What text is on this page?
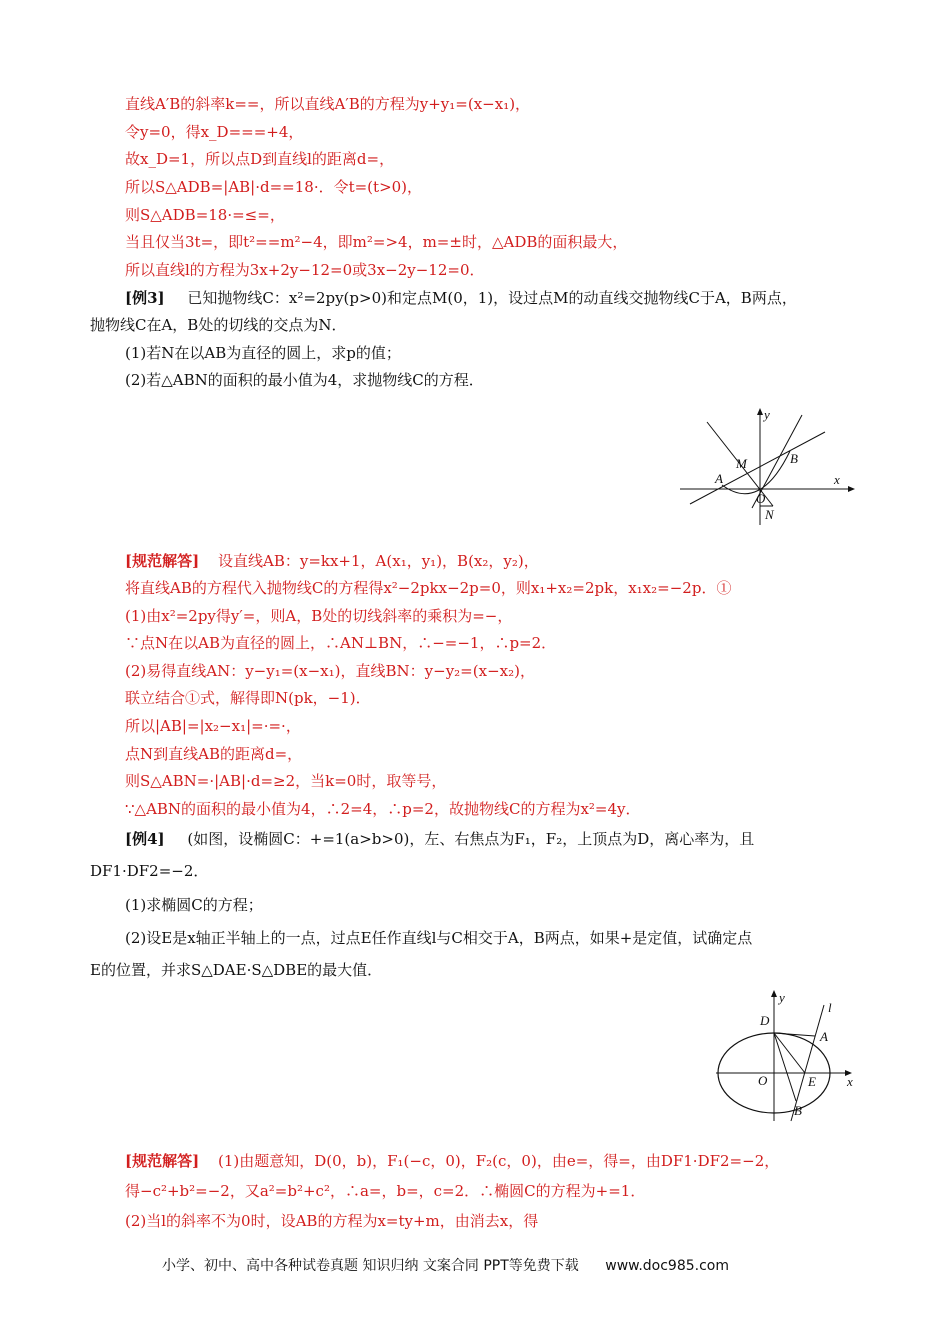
直线A′B的斜率k==，所以直线A′B的方程为y+y₁=(x−x₁)，
令y=0，得x_D===+4，
故x_D=1，所以点D到直线l的距离d=，
所以S△ADB=|AB|·d==18·．令t=(t>0)，
则S△ADB=18·=≤=，
当且仅当3t=，即t²==m²−4，即m²=>4，m=±时，△ADB的面积最大，
所以直线l的方程为3x+2y−12=0或3x−2y−12=0．
[例3] 已知抛物线C：x²=2py(p>0)和定点M(0，1)，设过点M的动直线交抛物线C于A，B两点，
抛物线C在A，B处的切线的交点为N．
(1)若N在以AB为直径的圆上，求p的值；
(2)若△ABN的面积的最小值为4，求抛物线C的方程．
y
x
M	B
A
O
N
[规范解答] 设直线AB：y=kx+1，A(x₁，y₁)，B(x₂，y₂)，
将直线AB的方程代入抛物线C的方程得x²−2pkx−2p=0，则x₁+x₂=2pk，x₁x₂=−2p．①
(1)由x²=2py得y′=，则A，B处的切线斜率的乘积为=−，
∵点N在以AB为直径的圆上，∴AN⊥BN，∴−=−1，∴p=2．
(2)易得直线AN：y−y₁=(x−x₁)，直线BN：y−y₂=(x−x₂)，
联立结合①式，解得即N(pk，−1)．
所以|AB|=|x₂−x₁|=·=·，
点N到直线AB的距离d=，
则S△ABN=·|AB|·d=≥2，当k=0时，取等号，
∵△ABN的面积的最小值为4，∴2=4，∴p=2，故抛物线C的方程为x²=4y．
[例4] (如图，设椭圆C：+=1(a>b>0)，左、右焦点为F₁，F₂，上顶点为D，离心率为，且
DF1·DF2=−2．
(1)求椭圆C的方程；
(2)设E是x轴正半轴上的一点，过点E任作直线l与C相交于A，B两点，如果+是定值，试确定点
E的位置，并求S△DAE·S△DBE的最大值．
y
l
D
A
O	E x
B
[规范解答] (1)由题意知，D(0，b)，F₁(−c，0)，F₂(c，0)，由e=，得=，由DF1·DF2=−2，
得−c²+b²=−2，又a²=b²+c²，∴a=，b=，c=2．∴椭圆C的方程为+=1．
(2)当l的斜率不为0时，设AB的方程为x=ty+m，由消去x，得
小学、初中、高中各种试卷真题 知识归纳 文案合同 PPT等免费下载 www.doc985.com
